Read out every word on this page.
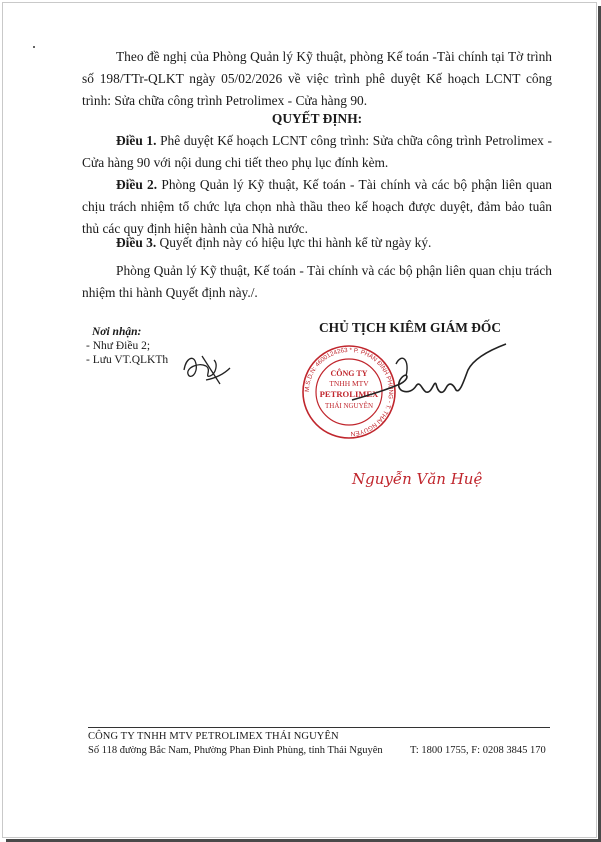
Theo đề nghị của Phòng Quản lý Kỹ thuật, phòng Kế toán -Tài chính tại Tờ trình số 198/TTr-QLKT ngày 05/02/2026 về việc trình phê duyệt Kế hoạch LCNT công trình: Sửa chữa công trình Petrolimex - Cửa hàng 90.

QUYẾT ĐỊNH:

Điều 1. Phê duyệt Kế hoạch LCNT công trình: Sửa chữa công trình Petrolimex - Cửa hàng 90 với nội dung chi tiết theo phụ lục đính kèm.

Điều 2. Phòng Quản lý Kỹ thuật, Kế toán - Tài chính và các bộ phận liên quan chịu trách nhiệm tổ chức lựa chọn nhà thầu theo kế hoạch được duyệt, đảm bảo tuân thủ các quy định hiện hành của Nhà nước.

Điều 3. Quyết định này có hiệu lực thi hành kể từ ngày ký.

Phòng Quản lý Kỹ thuật, Kế toán - Tài chính và các bộ phận liên quan chịu trách nhiệm thi hành Quyết định này./.

Nơi nhận:
- Như Điều 2;
- Lưu VT.QLKTh
CHỦ TỊCH KIÊM GIÁM ĐỐC
M.S.D.N: 4600124263 * P. PHAN ĐÌNH PHÙNG - T. THÁI NGUYÊN
CÔNG TY
TNHH MTV
PETROLIMEX
THÁI NGUYÊN
Nguyễn Văn Huệ
CÔNG TY TNHH MTV PETROLIMEX THÁI NGUYÊN
Số 118 đường Bắc Nam, Phường Phan Đình Phùng, tỉnh Thái Nguyên	T: 1800 1755, F: 0208 3845 170
